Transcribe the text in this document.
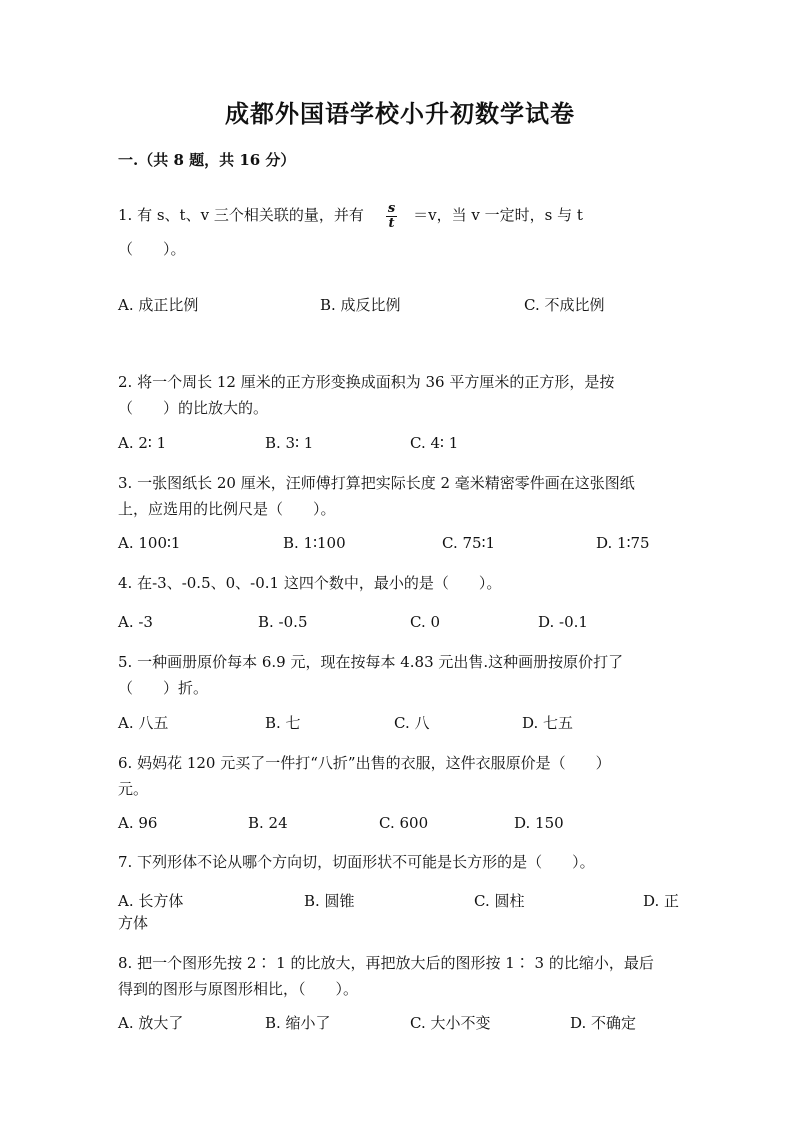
成都外国语学校小升初数学试卷
一.（共 8 题，共 16 分）
1. 有 s、t、v 三个相关联的量，并有 $\frac{s}{t} =v$，当 v 一定时，s 与 t
（　　）。
A. 成正比例	B. 成反比例	C. 不成比例
2. 将一个周长 12 厘米的正方形变换成面积为 36 平方厘米的正方形，是按
（　　）的比放大的。
A. 2∶ 1	B. 3∶ 1	C. 4∶ 1
3. 一张图纸长 20 厘米，汪师傅打算把实际长度 2 毫米精密零件画在这张图纸
上，应选用的比例尺是（　　）。
A. 100∶1	B. 1∶100	C. 75∶1	D. 1∶75
4. 在-3、-0.5、0、-0.1 这四个数中，最小的是（　　）。
A. -3	B. -0.5	C. 0	D. -0.1
5. 一种画册原价每本 6.9 元，现在按每本 4.83 元出售.这种画册按原价打了
（　　）折。
A. 八五	B. 七	C. 八	D. 七五
6. 妈妈花 120 元买了一件打“八折”出售的衣服，这件衣服原价是（　　）
元。
A. 96	B. 24	C. 600	D. 150
7. 下列形体不论从哪个方向切，切面形状不可能是长方形的是（　　）。
A. 长方体	B. 圆锥	C. 圆柱	D. 正
方体
8. 把一个图形先按 2∶ 1 的比放大，再把放大后的图形按 1∶ 3 的比缩小，最后
得到的图形与原图形相比，（　　）。
A. 放大了	B. 缩小了	C. 大小不变	D. 不确定
